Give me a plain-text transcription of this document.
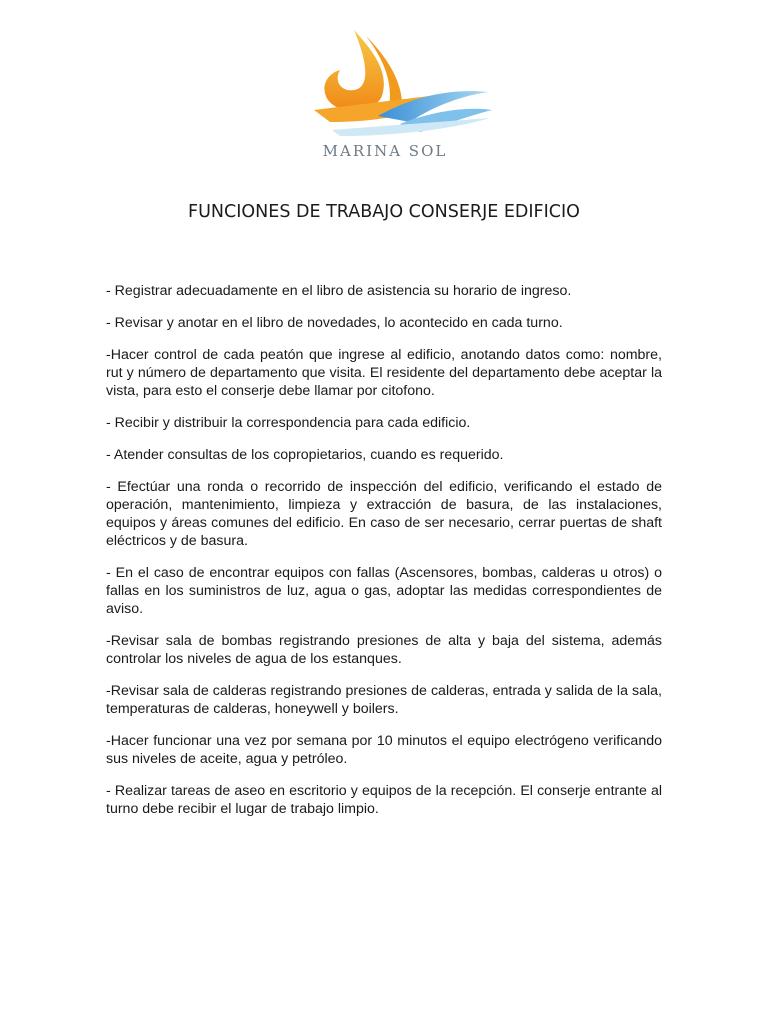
MARINA SOL
FUNCIONES DE TRABAJO CONSERJE EDIFICIO
- Registrar adecuadamente en el libro de asistencia su horario de ingreso.
- Revisar y anotar en el libro de novedades, lo acontecido en cada turno.
-Hacer control de cada peatón que ingrese al edificio, anotando datos como: nombre, rut y número de departamento que visita. El residente del departamento debe aceptar la vista, para esto el conserje debe llamar por citofono.
- Recibir y distribuir la correspondencia para cada edificio.
- Atender consultas de los copropietarios, cuando es requerido.
- Efectúar una ronda o recorrido de inspección del edificio, verificando el estado de operación, mantenimiento, limpieza y extracción de basura, de las instalaciones, equipos y áreas comunes del edificio. En caso de ser necesario, cerrar puertas de shaft eléctricos y de basura.
- En el caso de encontrar equipos con fallas (Ascensores, bombas, calderas u otros) o fallas en los suministros de luz, agua o gas, adoptar las medidas correspondientes de aviso.
-Revisar sala de bombas registrando presiones de alta y baja del sistema, además controlar los niveles de agua de los estanques.
-Revisar sala de calderas registrando presiones de calderas, entrada y salida de la sala, temperaturas de calderas, honeywell y boilers.
-Hacer funcionar una vez por semana por 10 minutos el equipo electrógeno verificando sus niveles de aceite, agua y petróleo.
- Realizar tareas de aseo en escritorio y equipos de la recepción. El conserje entrante al turno debe recibir el lugar de trabajo limpio.
